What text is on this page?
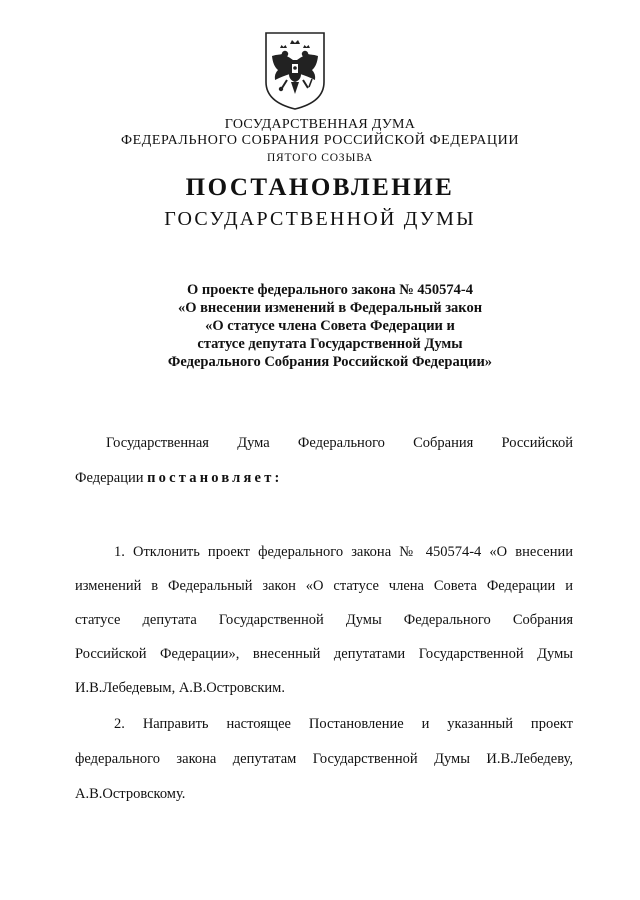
ГОСУДАРСТВЕННАЯ ДУМА
ФЕДЕРАЛЬНОГО СОБРАНИЯ РОССИЙСКОЙ ФЕДЕРАЦИИ
ПЯТОГО СОЗЫВА
ПОСТАНОВЛЕНИЕ
ГОСУДАРСТВЕННОЙ ДУМЫ
О проекте федерального закона № 450574-4
«О внесении изменений в Федеральный закон
«О статусе члена Совета Федерации и
статусе депутата Государственной Думы
Федерального Собрания Российской Федерации»
Государственная Дума Федерального Собрания Российской
Федерации постановляет:
1. Отклонить проект федерального закона № 450574-4 «О внесении
изменений в Федеральный закон «О статусе члена Совета Федерации и
статусе депутата Государственной Думы Федерального Собрания
Российской Федерации», внесенный депутатами Государственной Думы
И.В.Лебедевым, А.В.Островским.
2. Направить настоящее Постановление и указанный проект
федерального закона депутатам Государственной Думы И.В.Лебедеву,
А.В.Островскому.
